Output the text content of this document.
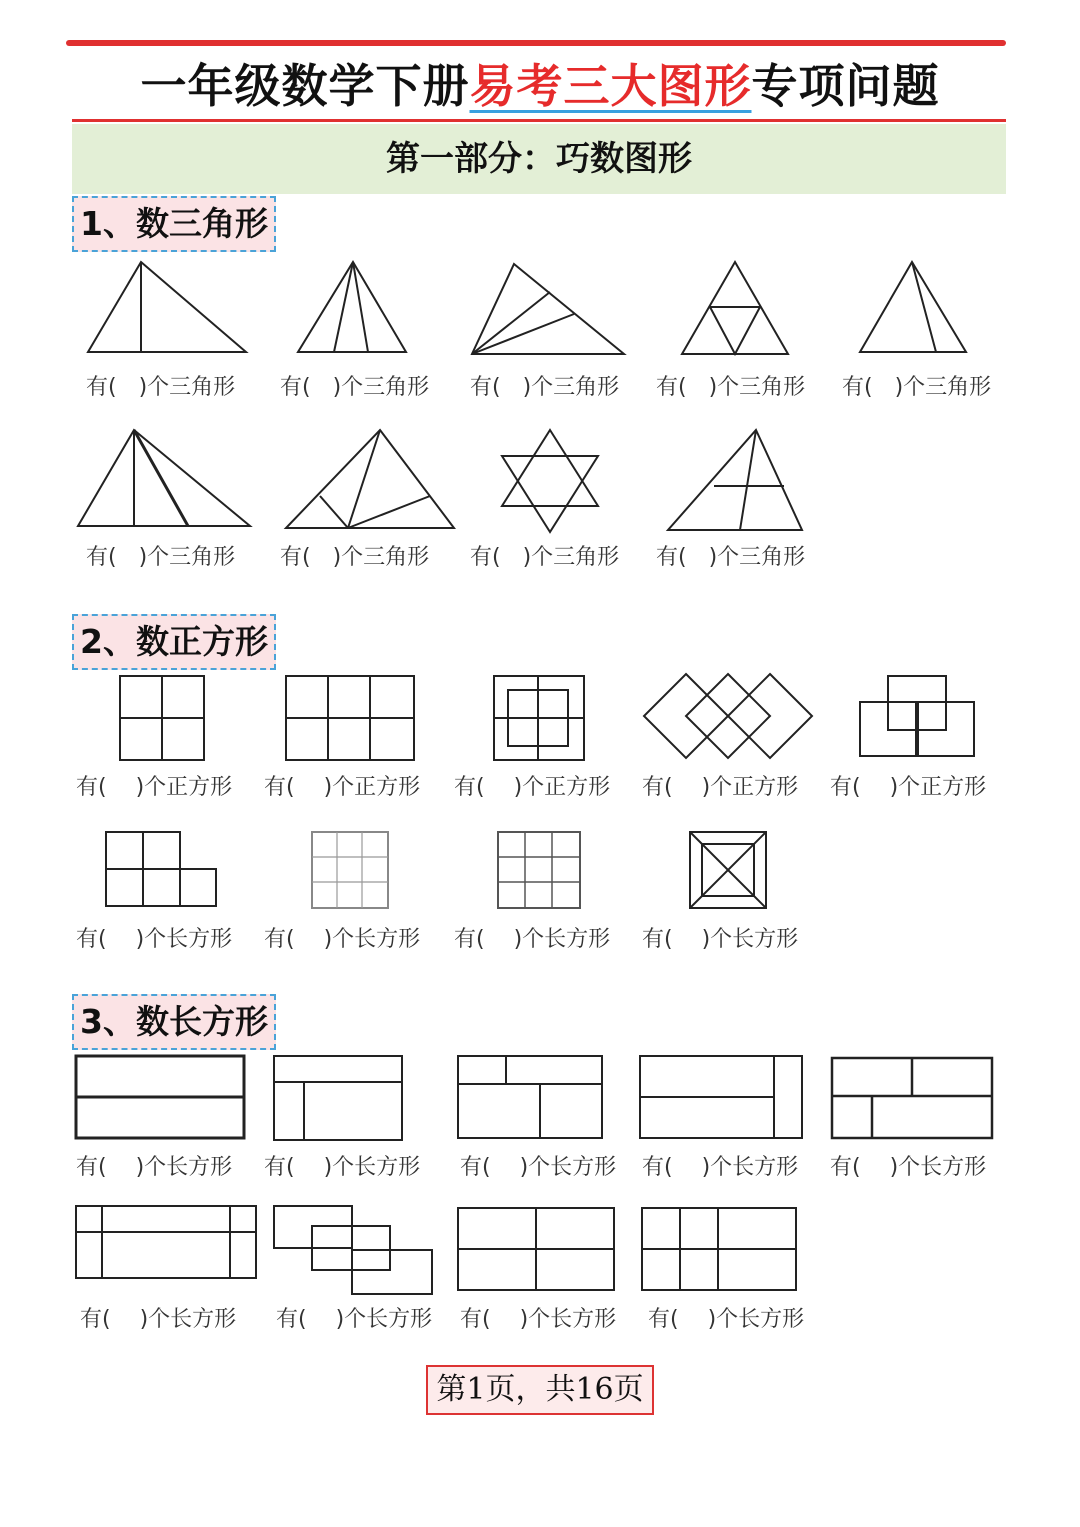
一年级数学下册易考三大图形专项问题
第一部分：巧数图形
1、数三角形
有(　)个三角形 有(　)个三角形 有(　)个三角形 有(　)个三角形 有(　)个三角形
有(　)个三角形 有(　)个三角形 有(　)个三角形 有(　)个三角形
2、数正方形
有(　 )个正方形 有(　 )个正方形 有(　 )个正方形 有(　 )个正方形 有(　 )个正方形
有(　 )个长方形 有(　 )个长方形 有(　 )个长方形 有(　 )个长方形
3、数长方形
有(　 )个长方形 有(　 )个长方形 有(　 )个长方形 有(　 )个长方形 有(　 )个长方形
有(　 )个长方形 有(　 )个长方形 有(　 )个长方形 有(　 )个长方形
第1页，共16页
